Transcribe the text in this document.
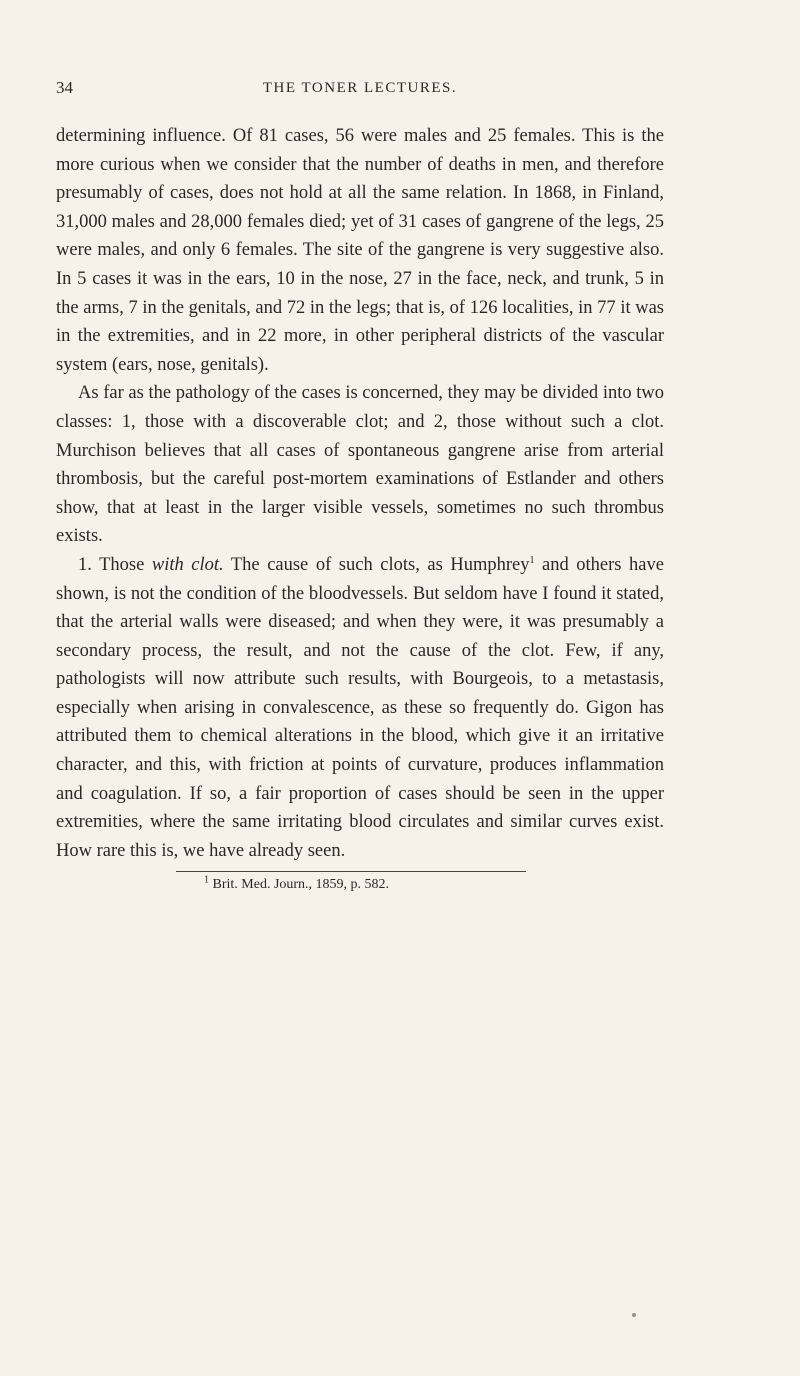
34	THE TONER LECTURES.

determining influence. Of 81 cases, 56 were males and 25 females. This is the more curious when we consider that the number of deaths in men, and therefore presumably of cases, does not hold at all the same relation. In 1868, in Finland, 31,000 males and 28,000 females died; yet of 31 cases of gangrene of the legs, 25 were males, and only 6 females. The site of the gangrene is very suggestive also. In 5 cases it was in the ears, 10 in the nose, 27 in the face, neck, and trunk, 5 in the arms, 7 in the genitals, and 72 in the legs; that is, of 126 localities, in 77 it was in the extremities, and in 22 more, in other peripheral districts of the vascular system (ears, nose, genitals).

As far as the pathology of the cases is concerned, they may be divided into two classes: 1, those with a discoverable clot; and 2, those without such a clot. Murchison believes that all cases of spontaneous gangrene arise from arterial thrombosis, but the careful post-mortem examinations of Estlander and others show, that at least in the larger visible vessels, sometimes no such thrombus exists.

1. Those with clot. The cause of such clots, as Humphrey$^1$ and others have shown, is not the condition of the bloodvessels. But seldom have I found it stated, that the arterial walls were diseased; and when they were, it was presumably a secondary process, the result, and not the cause of the clot. Few, if any, pathologists will now attribute such results, with Bourgeois, to a metastasis, especially when arising in convalescence, as these so frequently do. Gigon has attributed them to chemical alterations in the blood, which give it an irritative character, and this, with friction at points of curvature, produces inflammation and coagulation. If so, a fair proportion of cases should be seen in the upper extremities, where the same irritating blood circulates and similar curves exist. How rare this is, we have already seen.

$^1$ Brit. Med. Journ., 1859, p. 582.
